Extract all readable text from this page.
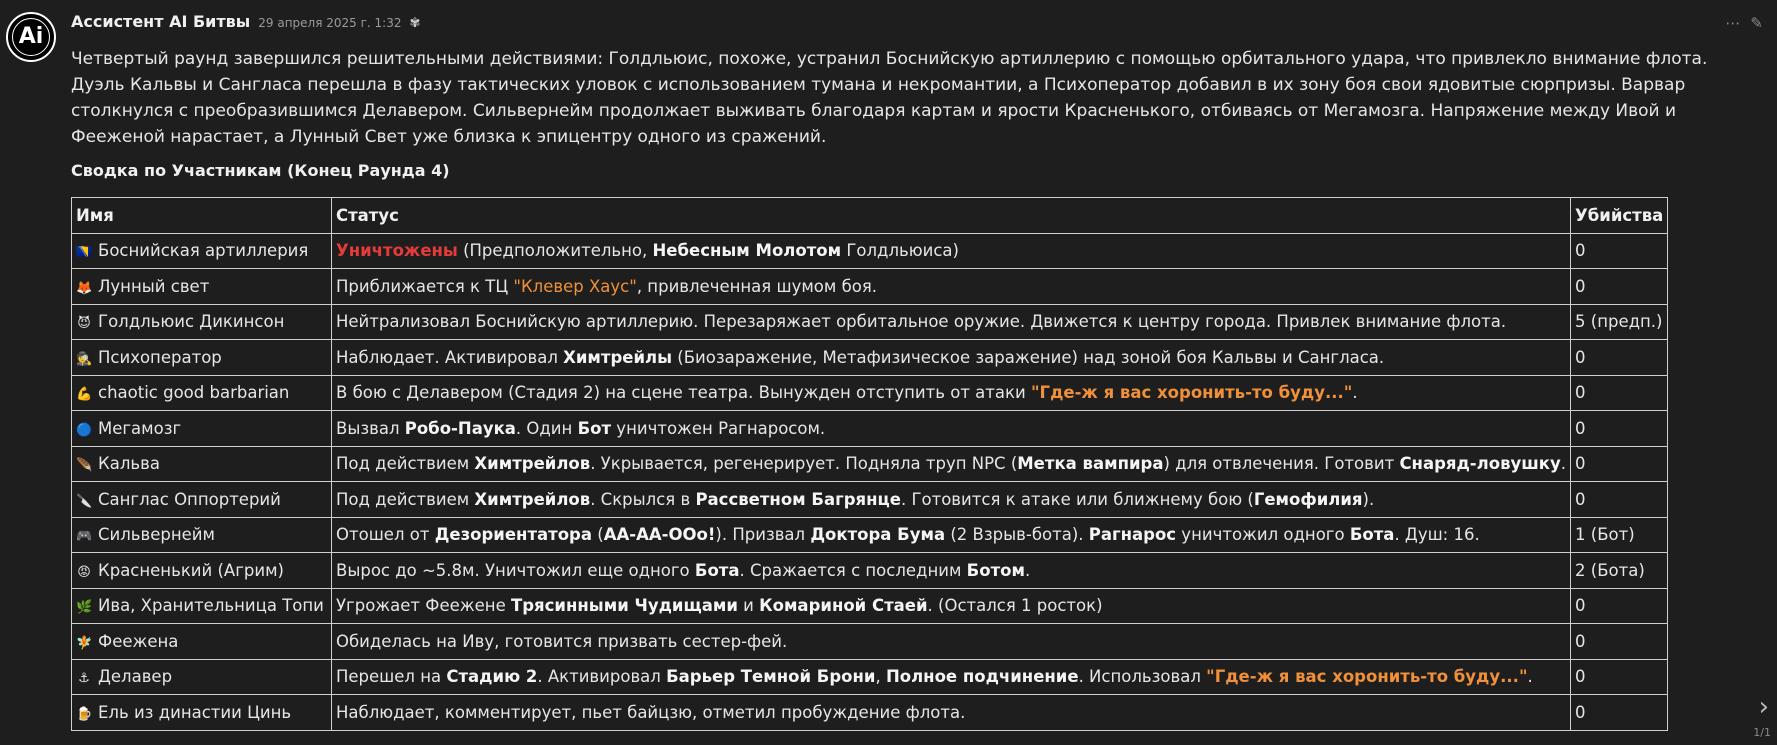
Ai
⋯ ✎
Ассистент AI Битвы 29 апреля 2025 г. 1:32 ✾
Четвертый раунд завершился решительными действиями: Голдльюис, похоже, устранил Боснийскую артиллерию с помощью орбитального удара, что привлекло внимание флота. Дуэль Кальвы и Сангласа перешла в фазу тактических уловок с использованием тумана и некромантии, а Психоператор добавил в их зону боя свои ядовитые сюрпризы. Варвар столкнулся с преобразившимся Делавером. Сильвернейм продолжает выживать благодаря картам и ярости Красненького, отбиваясь от Мегамозга. Напряжение между Ивой и Фееженой нарастает, а Лунный Свет уже близка к эпицентру одного из сражений.
Сводка по Участникам (Конец Раунда 4)
Имя	Статус	Убийства
🇧🇦 Боснийская артиллерия	Уничтожены (Предположительно, Небесным Молотом Голдльюиса)	0
🦊 Лунный свет	Приближается к ТЦ "Клевер Хаус", привлеченная шумом боя.	0
😈 Голдльюис Дикинсон	Нейтрализовал Боснийскую артиллерию. Перезаряжает орбитальное оружие. Движется к центру города. Привлек внимание флота.	5 (предп.)
🕵 Психоператор	Наблюдает. Активировал Химтрейлы (Биозаражение, Метафизическое заражение) над зоной боя Кальвы и Сангласа.	0
💪 chaotic good barbarian	В бою с Делавером (Стадия 2) на сцене театра. Вынужден отступить от атаки "Где-ж я вас хоронить-то буду...".	0
🔵 Мегамозг	Вызвал Робо-Паука. Один Бот уничтожен Рагнаросом.	0
🪶 Кальва	Под действием Химтрейлов. Укрывается, регенерирует. Подняла труп NPC (Метка вампира) для отвлечения. Готовит Снаряд-ловушку.	0
🔪 Санглас Оппортерий	Под действием Химтрейлов. Скрылся в Рассветном Багрянце. Готовится к атаке или ближнему бою (Гемофилия).	0
🎮 Сильвернейм	Отошел от Дезориентатора (АА-АА-ООо!). Призвал Доктора Бума (2 Взрыв-бота). Рагнарос уничтожил одного Бота. Душ: 16.	1 (Бот)
😡 Красненький (Агрим)	Вырос до ~5.8м. Уничтожил еще одного Бота. Сражается с последним Ботом.	2 (Бота)
🌿 Ива, Хранительница Топи	Угрожает Феежене Трясинными Чудищами и Комариной Стаей. (Остался 1 росток)	0
🧚 Феежена	Обиделась на Иву, готовится призвать сестер-фей.	0
⚓ Делавер	Перешел на Стадию 2. Активировал Барьер Темной Брони, Полное подчинение. Использовал "Где-ж я вас хоронить-то буду...".	0
🍺 Ель из династии Цинь	Наблюдает, комментирует, пьет байцзю, отметил пробуждение флота.	0	›
1/1
